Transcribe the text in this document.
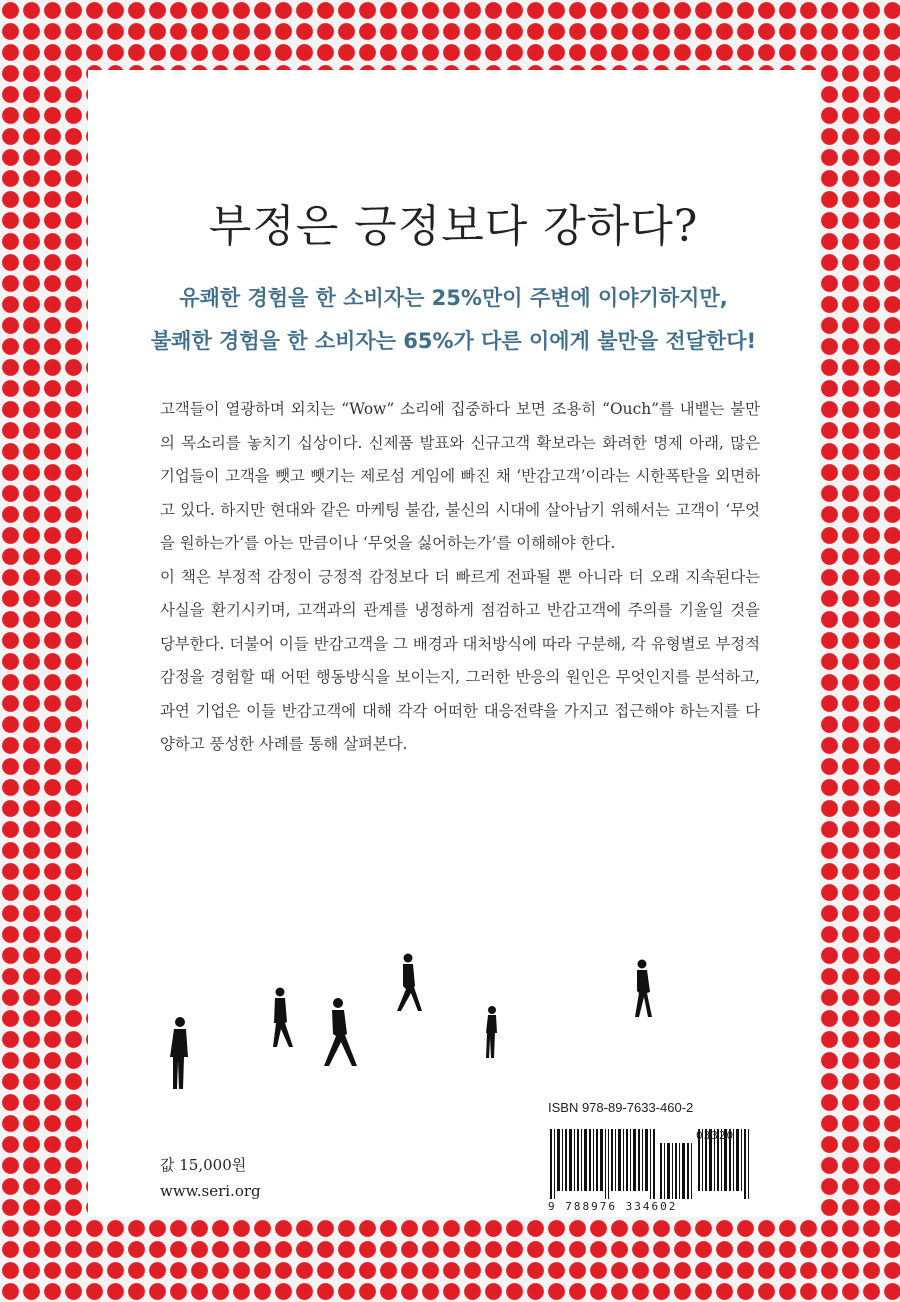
부정은 긍정보다 강하다?

유쾌한 경험을 한 소비자는 25%만이 주변에 이야기하지만,

불쾌한 경험을 한 소비자는 65%가 다른 이에게 불만을 전달한다!

고객들이 열광하며 외치는 “Wow” 소리에 집중하다 보면 조용히 “Ouch”를 내뱉는 불만의 목소리를 놓치기 십상이다. 신제품 발표와 신규고객 확보라는 화려한 명제 아래, 많은 기업들이 고객을 뺏고 뺏기는 제로섬 게임에 빠진 채 ‘반감고객’이라는 시한폭탄을 외면하고 있다. 하지만 현대와 같은 마케팅 불감, 불신의 시대에 살아남기 위해서는 고객이 ‘무엇을 원하는가’를 아는 만큼이나 ‘무엇을 싫어하는가’를 이해해야 한다.

이 책은 부정적 감정이 긍정적 감정보다 더 빠르게 전파될 뿐 아니라 더 오래 지속된다는 사실을 환기시키며, 고객과의 관계를 냉정하게 점검하고 반감고객에 주의를 기울일 것을 당부한다. 더불어 이들 반감고객을 그 배경과 대처방식에 따라 구분해, 각 유형별로 부정적 감정을 경험할 때 어떤 행동방식을 보이는지, 그러한 반응의 원인은 무엇인지를 분석하고, 과연 기업은 이들 반감고객에 대해 각각 어떠한 대응전략을 가지고 접근해야 하는지를 다양하고 풍성한 사례를 통해 살펴본다.

값 15,000원
www.seri.org
ISBN 978-89-7633-460-2
03320
9 788976 334602
